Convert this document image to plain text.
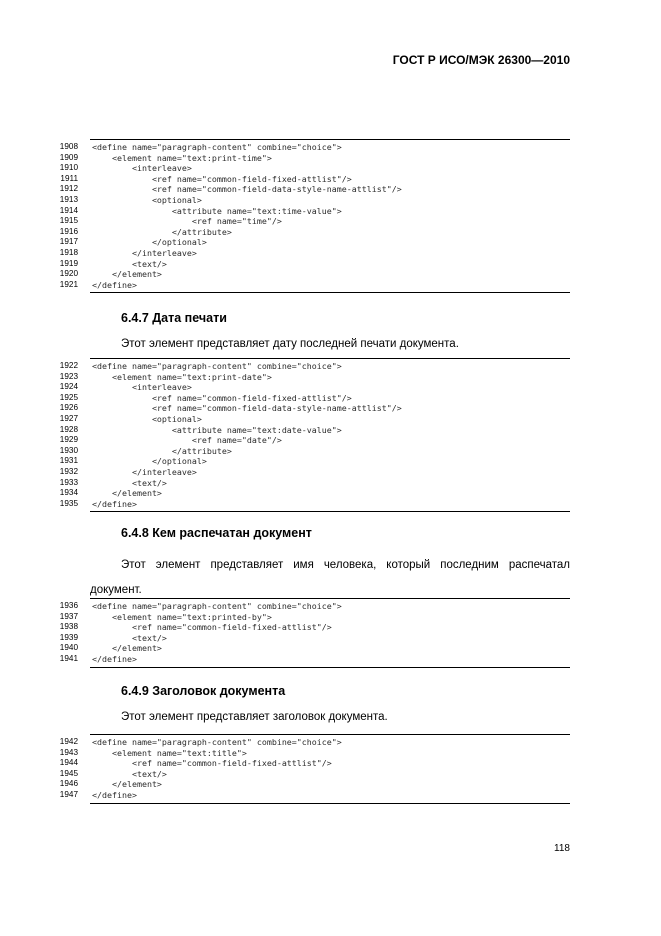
ГОСТ Р ИСО/МЭК 26300—2010
1908 <define name="paragraph-content" combine="choice">
1909 <element name="text:print-time">
1910 <interleave>
1911 <ref name="common-field-fixed-attlist"/>
1912 <ref name="common-field-data-style-name-attlist"/>
1913 <optional>
1914 <attribute name="text:time-value">
1915 <ref name="time"/>
1916 </attribute>
1917 </optional>
1918 </interleave>
1919 <text/>
1920 </element>
1921 </define>
6.4.7 Дата печати
Этот элемент представляет дату последней печати документа.
1922 <define name="paragraph-content" combine="choice">
1923 <element name="text:print-date">
1924 <interleave>
1925 <ref name="common-field-fixed-attlist"/>
1926 <ref name="common-field-data-style-name-attlist"/>
1927 <optional>
1928 <attribute name="text:date-value">
1929 <ref name="date"/>
1930 </attribute>
1931 </optional>
1932 </interleave>
1933 <text/>
1934 </element>
1935 </define>
6.4.8 Кем распечатан документ
Этот элемент представляет имя человека, который последним распечатал
документ.
1936 <define name="paragraph-content" combine="choice">
1937 <element name="text:printed-by">
1938 <ref name="common-field-fixed-attlist"/>
1939 <text/>
1940 </element>
1941 </define>
6.4.9 Заголовок документа
Этот элемент представляет заголовок документа.
1942 <define name="paragraph-content" combine="choice">
1943 <element name="text:title">
1944 <ref name="common-field-fixed-attlist"/>
1945 <text/>
1946 </element>
1947 </define>
118
